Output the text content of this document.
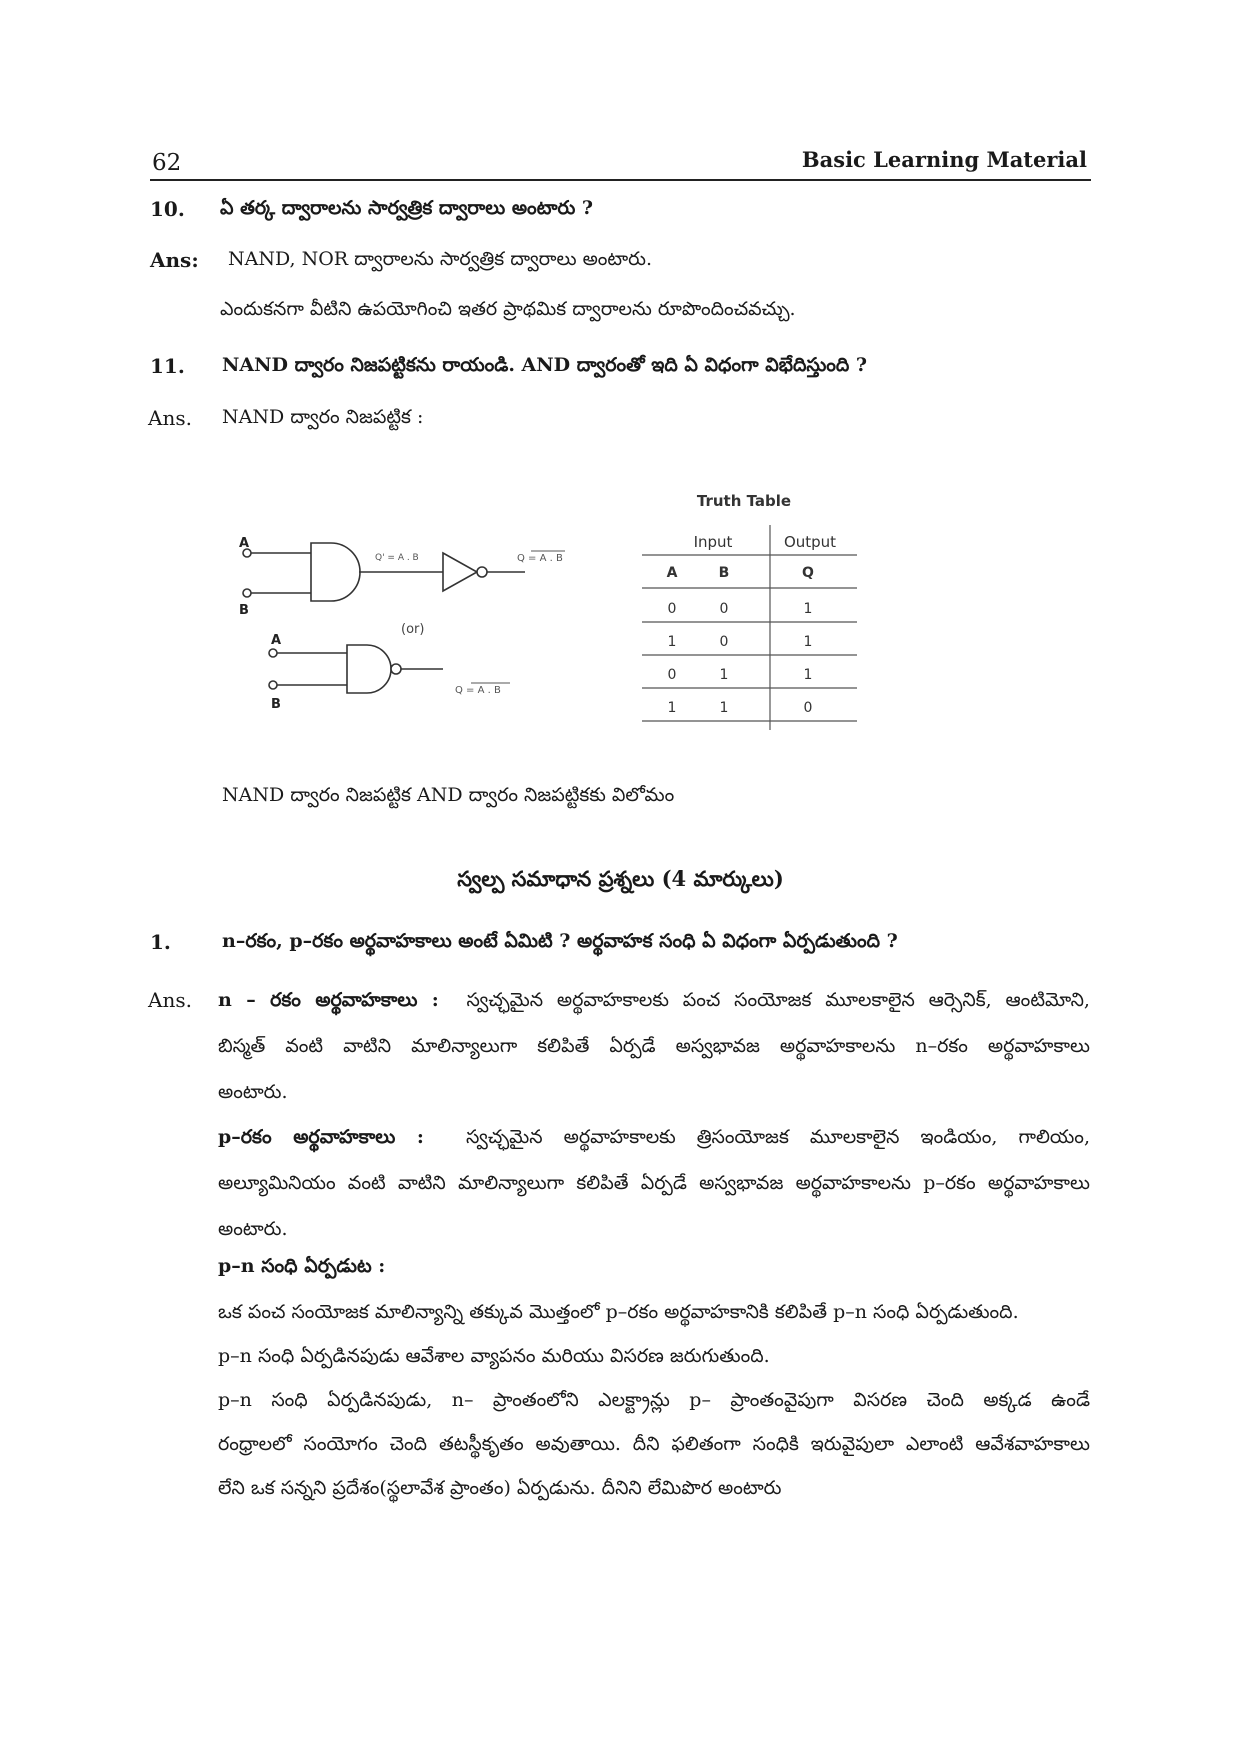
62	Basic Learning Material
10. ఏ తర్క ద్వారాలను సార్వత్రిక ద్వారాలు అంటారు ?
Ans: NAND, NOR ద్వారాలను సార్వత్రిక ద్వారాలు అంటారు.
ఎందుకనగా వీటిని ఉపయోగించి ఇతర ప్రాథమిక ద్వారాలను రూపొందించవచ్చు.
11. NAND ద్వారం నిజపట్టికను రాయండి. AND ద్వారంతో ఇది ఏ విధంగా విభేదిస్తుంది ?
Ans. NAND ద్వారం నిజపట్టిక :
A
B
Q' = A . B	Q = A . B
(or)
A
B
Q = A . B
Truth Table
Input	Output
A	B	Q
0	0	1
1	0	1
0	1	1
1	1	0
NAND ద్వారం నిజపట్టిక AND ద్వారం నిజపట్టికకు విలోమం
స్వల్ప సమాధాన ప్రశ్నలు (4 మార్కులు)
1.	n–రకం, p–రకం అర్థవాహకాలు అంటే ఏమిటి ? అర్థవాహక సంధి ఏ విధంగా ఏర్పడుతుంది ?
Ans. n – రకం అర్థవాహకాలు : స్వచ్ఛమైన అర్థవాహకాలకు పంచ సంయోజక మూలకాలైన ఆర్సెనిక్, ఆంటిమోని,
బిస్మత్ వంటి వాటిని మాలిన్యాలుగా కలిపితే ఏర్పడే అస్వభావజ అర్థవాహకాలను n–రకం అర్థవాహకాలు
అంటారు.
p–రకం అర్థవాహకాలు : స్వచ్ఛమైన అర్థవాహకాలకు త్రిసంయోజక మూలకాలైన ఇండియం, గాలియం,
అల్యూమినియం వంటి వాటిని మాలిన్యాలుగా కలిపితే ఏర్పడే అస్వభావజ అర్థవాహకాలను p–రకం అర్థవాహకాలు
అంటారు.
p–n సంధి ఏర్పడుట :
ఒక పంచ సంయోజక మాలిన్యాన్ని తక్కువ మొత్తంలో p–రకం అర్థవాహకానికి కలిపితే p–n సంధి ఏర్పడుతుంది.
p–n సంధి ఏర్పడినపుడు ఆవేశాల వ్యాపనం మరియు విసరణ జరుగుతుంది.
p–n సంధి ఏర్పడినపుడు, n– ప్రాంతంలోని ఎలక్ట్రాన్లు p– ప్రాంతంవైపుగా విసరణ చెంది అక్కడ ఉండే
రంధ్రాలలో సంయోగం చెంది తటస్థీకృతం అవుతాయి. దీని ఫలితంగా సంధికి ఇరువైపులా ఎలాంటి ఆవేశవాహకాలు
లేని ఒక సన్నని ప్రదేశం(స్థలావేశ ప్రాంతం) ఏర్పడును. దీనిని లేమిపొర అంటారు
